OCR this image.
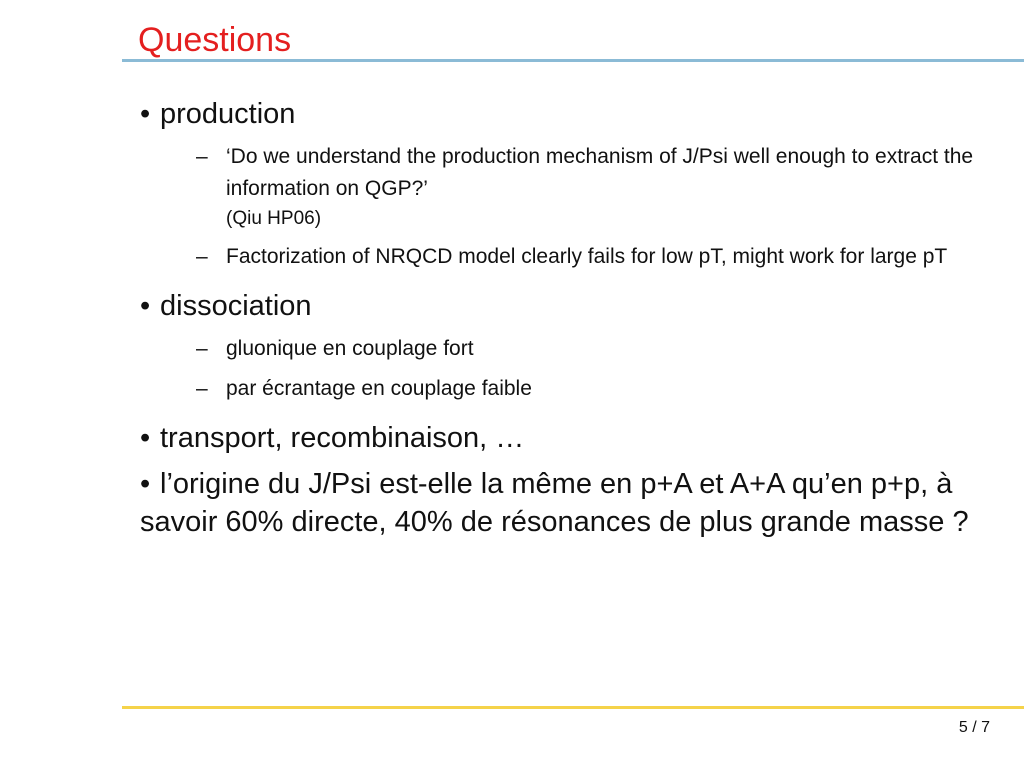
Questions
• production
– ‘Do we understand the production mechanism of J/Psi well enough to extract the information on QGP?’
(Qiu HP06)
– Factorization of NRQCD model clearly fails for low pT, might work for large pT
• dissociation
– gluonique en couplage fort
– par écrantage en couplage faible
• transport, recombinaison, …
• l’origine du J/Psi est-elle la même en p+A et A+A qu’en p+p, à savoir 60% directe, 40% de résonances de plus grande masse ?
5 / 7
